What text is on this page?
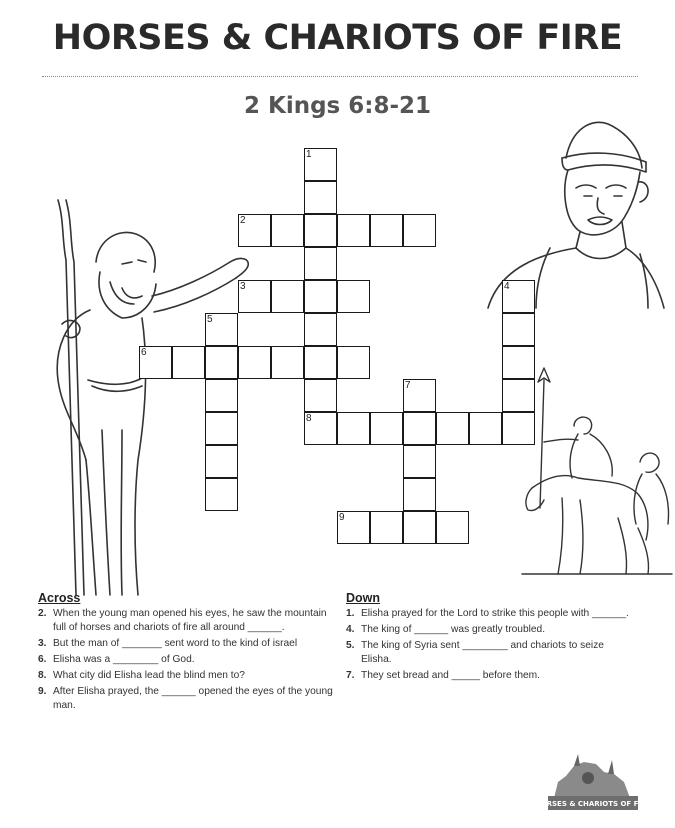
HORSES & CHARIOTS OF FIRE
2 Kings 6:8-21
1
2
3	4
5
6
7
8
9
Across
2. When the young man opened his eyes, he saw the mountain full of horses and chariots of fire all around ______.
3. But the man of _______ sent word to the kind of israel
6. Elisha was a ________ of God.
8. What city did Elisha lead the blind men to?
9. After Elisha prayed, the ______ opened the eyes of the young man.
Down
1. Elisha prayed for the Lord to strike this people with ______.
4. The king of ______ was greatly troubled.
5. The king of Syria sent ________ and chariots to seize Elisha.
7. They set bread and _____ before them.
HORSES & CHARIOTS OF FIRE
